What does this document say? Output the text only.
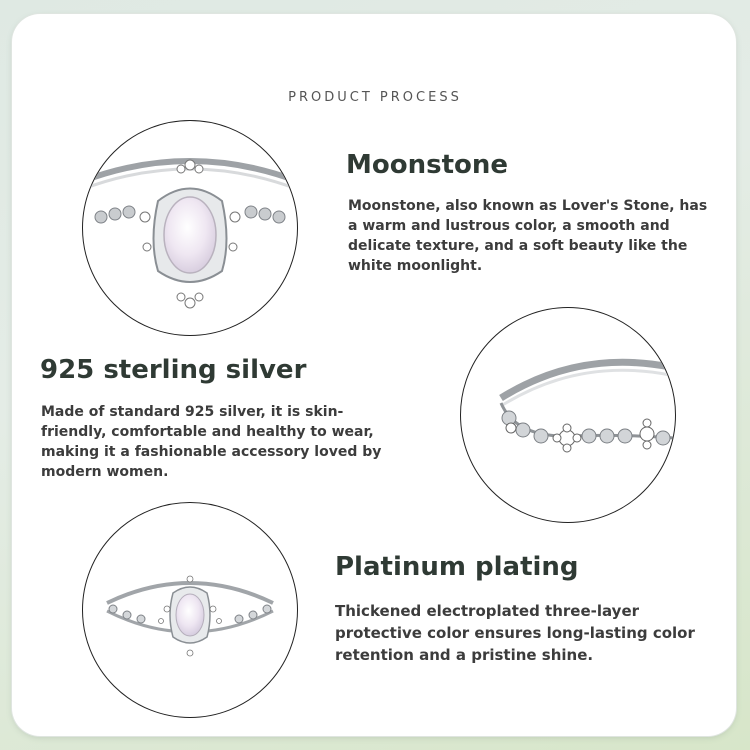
PRODUCT PROCESS
Moonstone

Moonstone, also known as Lover's Stone, has a warm and lustrous color, a smooth and delicate texture, and a soft beauty like the white moonlight.

925 sterling silver

Made of standard 925 silver, it is skin-friendly, comfortable and healthy to wear, making it a fashionable accessory loved by modern women.

Platinum plating

Thickened electroplated three-layer protective color ensures long-lasting color retention and a pristine shine.
